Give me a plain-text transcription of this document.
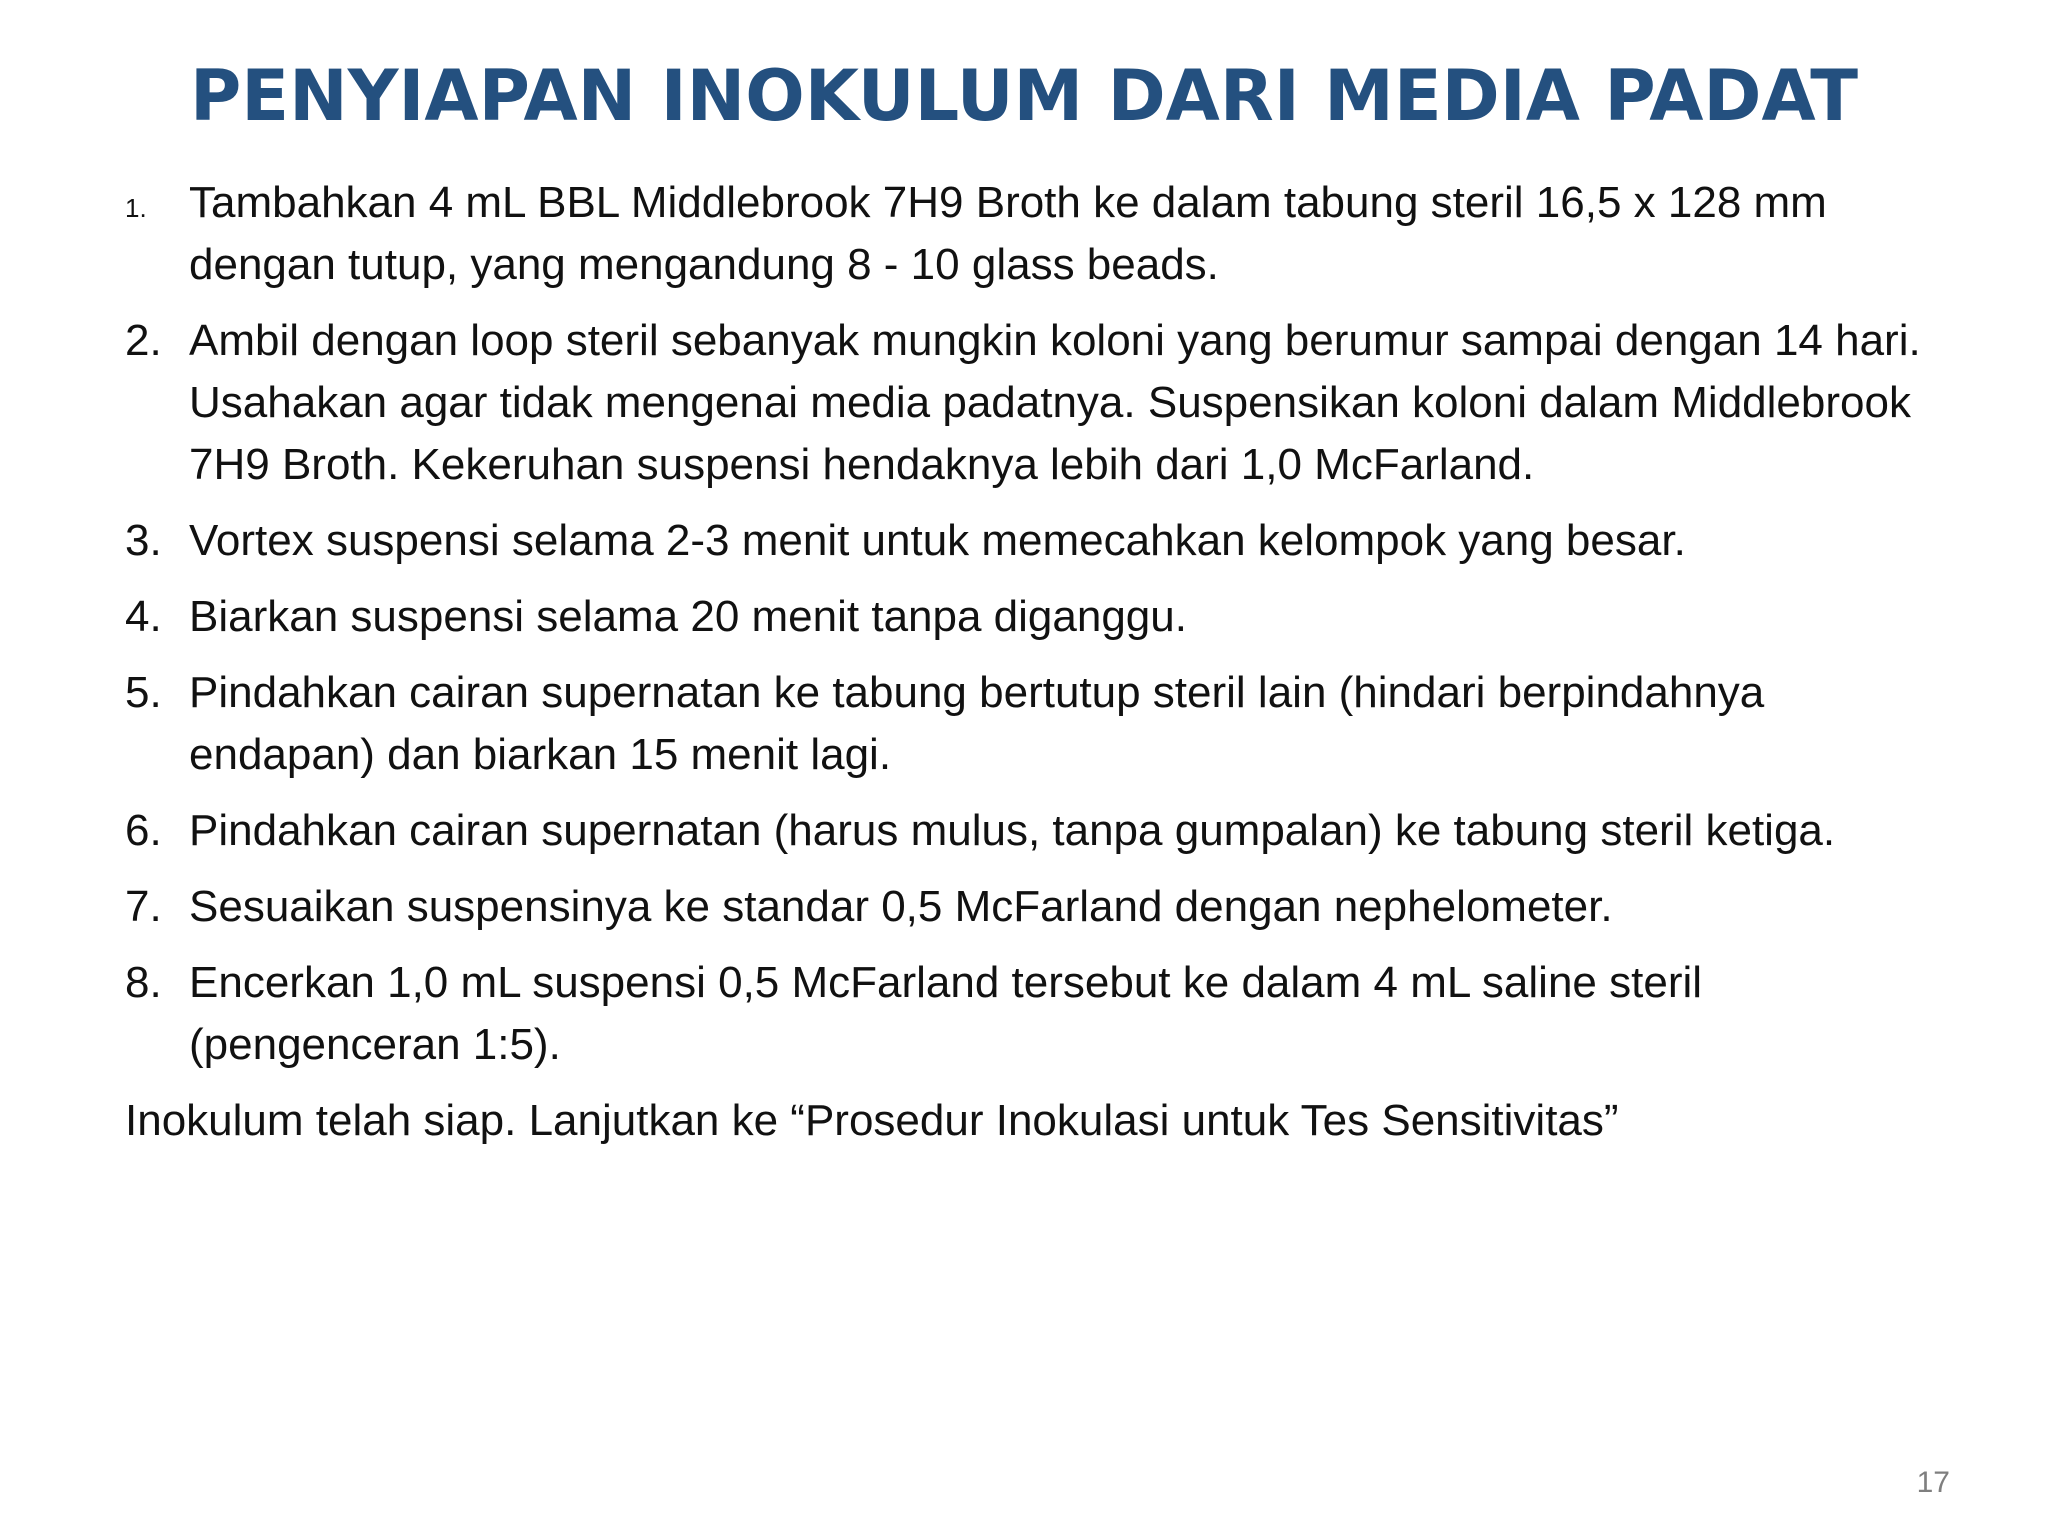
PENYIAPAN INOKULUM DARI MEDIA PADAT
1. Tambahkan 4 mL BBL Middlebrook 7H9 Broth ke dalam tabung steril 16,5 x 128 mm dengan tutup, yang mengandung 8 - 10 glass beads.
2. Ambil dengan loop steril sebanyak mungkin koloni yang berumur sampai dengan 14 hari. Usahakan agar tidak mengenai media padatnya. Suspensikan koloni dalam Middlebrook 7H9 Broth. Kekeruhan suspensi hendaknya lebih dari 1,0 McFarland.
3. Vortex suspensi selama 2-3 menit untuk memecahkan kelompok yang besar.
4. Biarkan suspensi selama 20 menit tanpa diganggu.
5. Pindahkan cairan supernatan ke tabung bertutup steril lain (hindari berpindahnya endapan) dan biarkan 15 menit lagi.
6. Pindahkan cairan supernatan (harus mulus, tanpa gumpalan) ke tabung steril ketiga.
7. Sesuaikan suspensinya ke standar 0,5 McFarland dengan nephelometer.
8. Encerkan 1,0 mL suspensi 0,5 McFarland tersebut ke dalam 4 mL saline steril (pengenceran 1:5).
Inokulum telah siap. Lanjutkan ke “Prosedur Inokulasi untuk Tes Sensitivitas”
17
